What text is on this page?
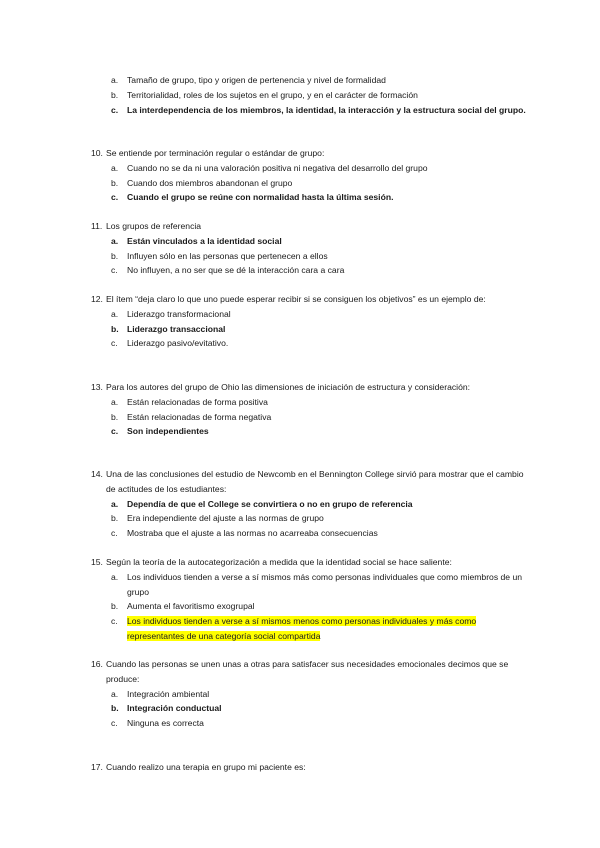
a. Tamaño de grupo, tipo y origen de pertenencia y nivel de formalidad
b. Territorialidad, roles de los sujetos en el grupo, y en el carácter de formación
c. La interdependencia de los miembros, la identidad, la interacción y la estructura social del grupo.
10. Se entiende por terminación regular o estándar de grupo:
a. Cuando no se da ni una valoración positiva ni negativa del desarrollo del grupo
b. Cuando dos miembros abandonan el grupo
c. Cuando el grupo se reúne con normalidad hasta la última sesión.
11. Los grupos de referencia
a. Están vinculados a la identidad social
b. Influyen sólo en las personas que pertenecen a ellos
c. No influyen, a no ser que se dé la interacción cara a cara
12. El ítem “deja claro lo que uno puede esperar recibir si se consiguen los objetivos” es un ejemplo de:
a. Liderazgo transformacional
b. Liderazgo transaccional
c. Liderazgo pasivo/evitativo.
13. Para los autores del grupo de Ohio las dimensiones de iniciación de estructura y consideración:
a. Están relacionadas de forma positiva
b. Están relacionadas de forma negativa
c. Son independientes
14. Una de las conclusiones del estudio de Newcomb en el Bennington College sirvió para mostrar que el cambio de actitudes de los estudiantes:
a. Dependía de que el College se convirtiera o no en grupo de referencia
b. Era independiente del ajuste a las normas de grupo
c. Mostraba que el ajuste a las normas no acarreaba consecuencias
15. Según la teoría de la autocategorización a medida que la identidad social se hace saliente:
a. Los individuos tienden a verse a sí mismos más como personas individuales que como miembros de un grupo
b. Aumenta el favoritismo exogrupal
c. Los individuos tienden a verse a sí mismos menos como personas individuales y más como representantes de una categoría social compartida
16. Cuando las personas se unen unas a otras para satisfacer sus necesidades emocionales decimos que se produce:
a. Integración ambiental
b. Integración conductual
c. Ninguna es correcta
17. Cuando realizo una terapia en grupo mi paciente es:
